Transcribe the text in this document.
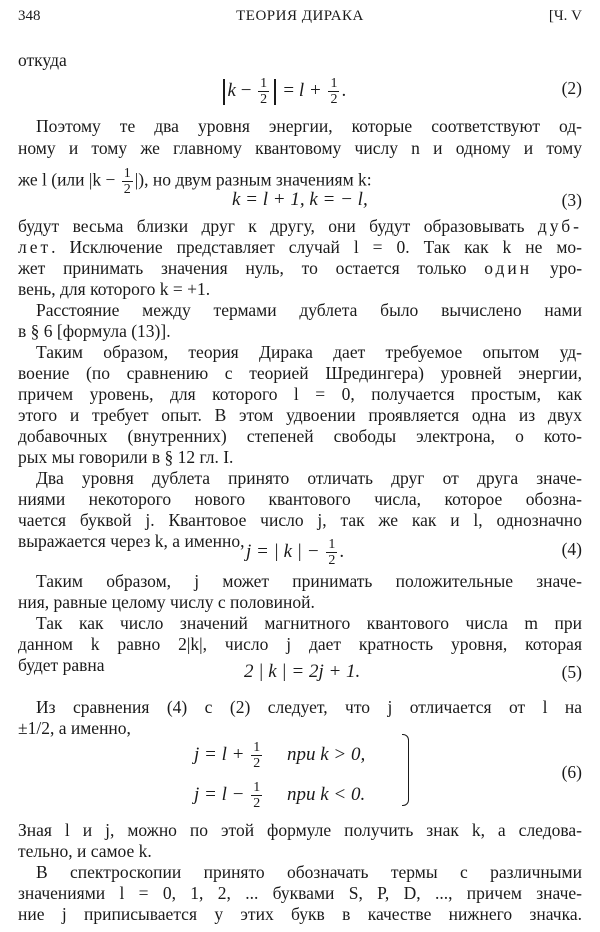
348	ТЕОРИЯ ДИРАКА	[Ч. V
откуда
$k - \frac{1}{2} = l + \frac{1}{2}$ .	(2)
Поэтому те два уровня энергии, которые соответствуют од-
ному и тому же главному квантовому числу n и одному и тому
же l (или $|k - \frac{1}{2}$ |), но двум разным значениям k:
k = l + 1, k = − l,	(3)
будут весьма близки друг к другу, они будут образовывать дуб-
лет. Исключение представляет случай l = 0. Так как k не мо-
жет принимать значения нуль, то остается только один уро-
вень, для которого k = +1.
Расстояние между термами дублета было вычислено нами
в § 6 [формула (13)].
Таким образом, теория Дирака дает требуемое опытом уд-
воение (по сравнению с теорией Шредингера) уровней энергии,
причем уровень, для которого l = 0, получается простым, как
этого и требует опыт. В этом удвоении проявляется одна из двух
добавочных (внутренних) степеней свободы электрона, о кото-
рых мы говорили в § 12 гл. I.
Два уровня дублета принято отличать друг от друга значе-
ниями некоторого нового квантового числа, которое обозна-
чается буквой j. Квантовое число j, так же как и l, однозначно
выражается через k, а именно, j = | k | − $\frac{1}{2}$ .	(4)
Таким образом, j может принимать положительные значе-
ния, равные целому числу с половиной.
Так как число значений магнитного квантового числа m при
данном k равно 2|k|, число j дает кратность уровня, которая
будет равна	2 | k | = 2j + 1.	(5)
Из сравнения (4) с (2) следует, что j отличается от l на
±1/2, а именно,
$j = l + \frac{1}{2}$ при k > 0,
$j = l - \frac{1}{2}$ при k < 0.
(6)
Зная l и j, можно по этой формуле получить знак k, а следова-
тельно, и самое k.
В спектроскопии принято обозначать термы с различными
значениями l = 0, 1, 2, ... буквами S, P, D, ..., причем значе-
ние j приписывается у этих букв в качестве нижнего значка.
